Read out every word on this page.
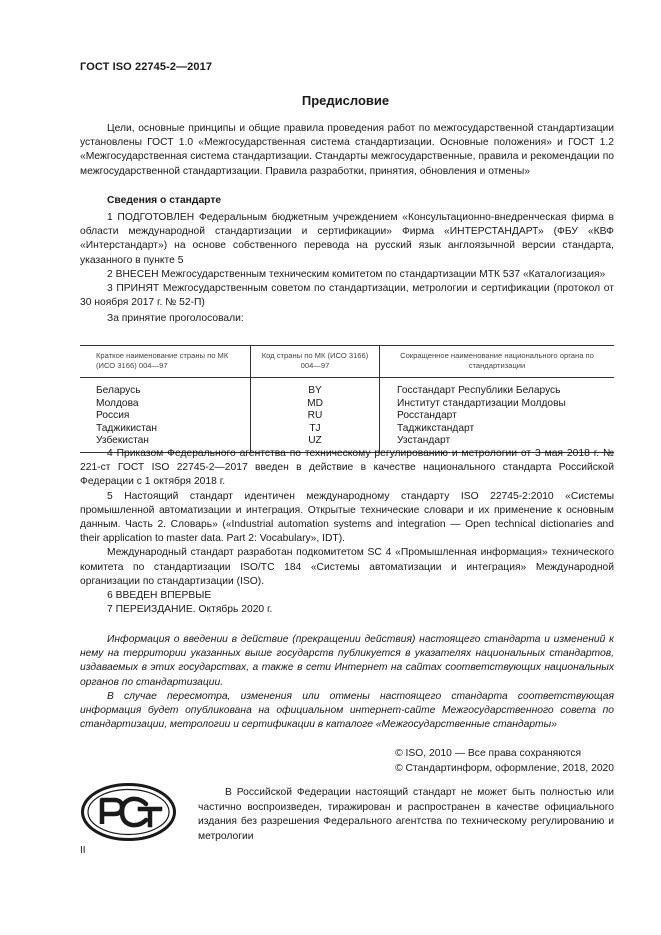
ГОСТ ISO 22745-2—2017
Предисловие

Цели, основные принципы и общие правила проведения работ по межгосударственной стандартизации установлены ГОСТ 1.0 «Межгосударственная система стандартизации. Основные положения» и ГОСТ 1.2 «Межгосударственная система стандартизации. Стандарты межгосударственные, правила и рекомендации по межгосударственной стандартизации. Правила разработки, принятия, обновления и отмены»

Сведения о стандарте

1 ПОДГОТОВЛЕН Федеральным бюджетным учреждением «Консультационно-внедренческая фирма в области международной стандартизации и сертификации» Фирма «ИНТЕРСТАНДАРТ» (ФБУ «КВФ «Интерстандарт») на основе собственного перевода на русский язык англоязычной версии стандарта, указанного в пункте 5

2 ВНЕСЕН Межгосударственным техническим комитетом по стандартизации МТК 537 «Каталогизация»

3 ПРИНЯТ Межгосударственным советом по стандартизации, метрологии и сертификации (протокол от 30 ноября 2017 г. № 52-П)

За принятие проголосовали:

Краткое наименование страны по МК (ИСО 3166) 004—97	Код страны по МК (ИСО 3166) 004—97	Сокращенное наименование национального органа по стандартизации
Беларусь	BY	Госстандарт Республики Беларусь
Молдова	MD	Институт стандартизации Молдовы
Россия	RU	Росстандарт
Таджикистан	TJ	Таджикстандарт
Узбекистан	UZ	Узстандарт

4 Приказом Федерального агентства по техническому регулированию и метрологии от 3 мая 2018 г. № 221-ст ГОСТ ISO 22745-2—2017 введен в действие в качестве национального стандарта Российской Федерации с 1 октября 2018 г.

5 Настоящий стандарт идентичен международному стандарту ISO 22745-2:2010 «Системы промышленной автоматизации и интеграция. Открытые технические словари и их применение к основным данным. Часть 2. Словарь» («Industrial automation systems and integration — Open technical dictionaries and their application to master data. Part 2: Vocabulary», IDT).

Международный стандарт разработан подкомитетом SC 4 «Промышленная информация» технического комитета по стандартизации ISO/TC 184 «Системы автоматизации и интеграция» Международной организации по стандартизации (ISO).

6 ВВЕДЕН ВПЕРВЫЕ

7 ПЕРЕИЗДАНИЕ. Октябрь 2020 г.

Информация о введении в действие (прекращении действия) настоящего стандарта и изменений к нему на территории указанных выше государств публикуется в указателях национальных стандартов, издаваемых в этих государствах, а также в сети Интернет на сайтах соответствующих национальных органов по стандартизации.

В случае пересмотра, изменения или отмены настоящего стандарта соответствующая информация будет опубликована на официальном интернет-сайте Межгосударственного совета по стандартизации, метрологии и сертификации в каталоге «Межгосударственные стандарты»

© ISO, 2010 — Все права сохраняются
© Стандартинформ, оформление, 2018, 2020

В Российской Федерации настоящий стандарт не может быть полностью или частично воспроизведен, тиражирован и распространен в качестве официального издания без разрешения Федерального агентства по техническому регулированию и метрологии

II
